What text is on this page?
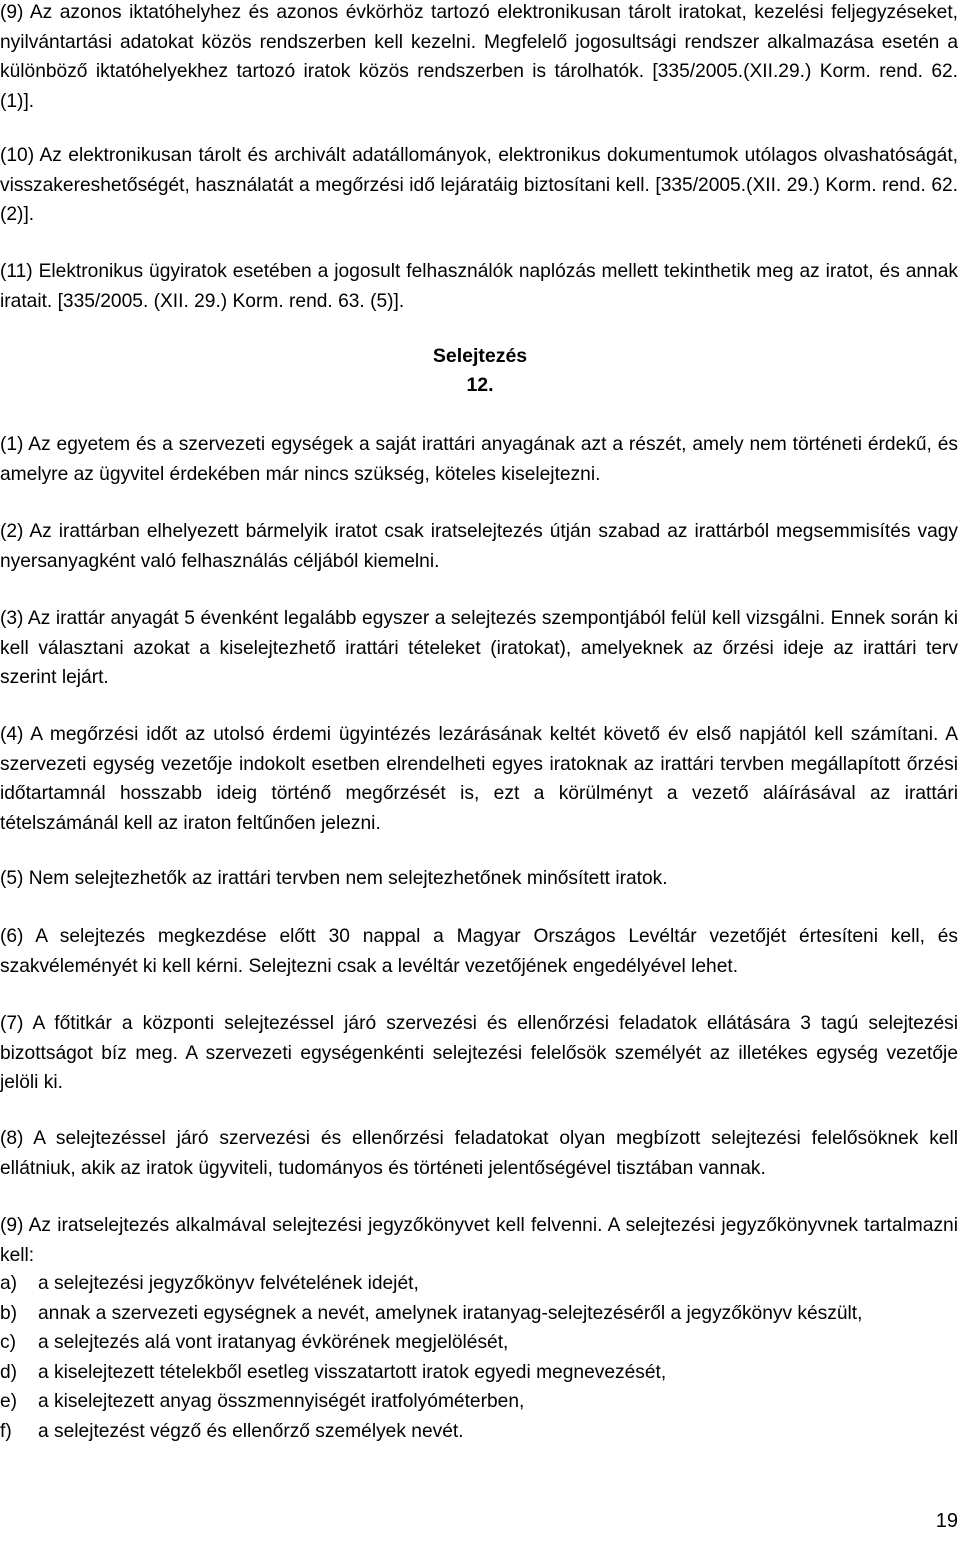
(9) Az azonos iktatóhelyhez és azonos évkörhöz tartozó elektronikusan tárolt iratokat, kezelési feljegyzéseket, nyilvántartási adatokat közös rendszerben kell kezelni. Megfelelő jogosultsági rendszer alkalmazása esetén a különböző iktatóhelyekhez tartozó iratok közös rendszerben is tárolhatók. [335/2005.(XII.29.) Korm. rend. 62. (1)].

(10) Az elektronikusan tárolt és archivált adatállományok, elektronikus dokumentumok utólagos olvashatóságát, visszakereshetőségét, használatát a megőrzési idő lejáratáig biztosítani kell. [335/2005.(XII. 29.) Korm. rend. 62. (2)].

(11) Elektronikus ügyiratok esetében a jogosult felhasználók naplózás mellett tekinthetik meg az iratot, és annak iratait. [335/2005. (XII. 29.) Korm. rend. 63. (5)].

Selejtezés
12.

(1) Az egyetem és a szervezeti egységek a saját irattári anyagának azt a részét, amely nem történeti érdekű, és amelyre az ügyvitel érdekében már nincs szükség, köteles kiselejtezni.

(2) Az irattárban elhelyezett bármelyik iratot csak iratselejtezés útján szabad az irattárból megsemmisítés vagy nyersanyagként való felhasználás céljából kiemelni.

(3) Az irattár anyagát 5 évenként legalább egyszer a selejtezés szempontjából felül kell vizsgálni. Ennek során ki kell választani azokat a kiselejtezhető irattári tételeket (iratokat), amelyeknek az őrzési ideje az irattári terv szerint lejárt.

(4) A megőrzési időt az utolsó érdemi ügyintézés lezárásának keltét követő év első napjától kell számítani. A szervezeti egység vezetője indokolt esetben elrendelheti egyes iratoknak az irattári tervben megállapított őrzési időtartamnál hosszabb ideig történő megőrzését is, ezt a körülményt a vezető aláírásával az irattári tételszámánál kell az iraton feltűnően jelezni.

(5) Nem selejtezhetők az irattári tervben nem selejtezhetőnek minősített iratok.

(6) A selejtezés megkezdése előtt 30 nappal a Magyar Országos Levéltár vezetőjét értesíteni kell, és szakvéleményét ki kell kérni. Selejtezni csak a levéltár vezetőjének engedélyével lehet.

(7) A főtitkár a központi selejtezéssel járó szervezési és ellenőrzési feladatok ellátására 3 tagú selejtezési bizottságot bíz meg. A szervezeti egységenkénti selejtezési felelősök személyét az illetékes egység vezetője jelöli ki.

(8) A selejtezéssel járó szervezési és ellenőrzési feladatokat olyan megbízott selejtezési felelősöknek kell ellátniuk, akik az iratok ügyviteli, tudományos és történeti jelentőségével tisztában vannak.

(9) Az iratselejtezés alkalmával selejtezési jegyzőkönyvet kell felvenni. A selejtezési jegyzőkönyvnek tartalmazni kell:

a)	a selejtezési jegyzőkönyv felvételének idejét,
b)	annak a szervezeti egységnek a nevét, amelynek iratanyag-selejtezéséről a jegyzőkönyv készült,
c)	a selejtezés alá vont iratanyag évkörének megjelölését,
d)	a kiselejtezett tételekből esetleg visszatartott iratok egyedi megnevezését,
e)	a kiselejtezett anyag összmennyiségét iratfolyóméterben,
f)	a selejtezést végző és ellenőrző személyek nevét.
19
